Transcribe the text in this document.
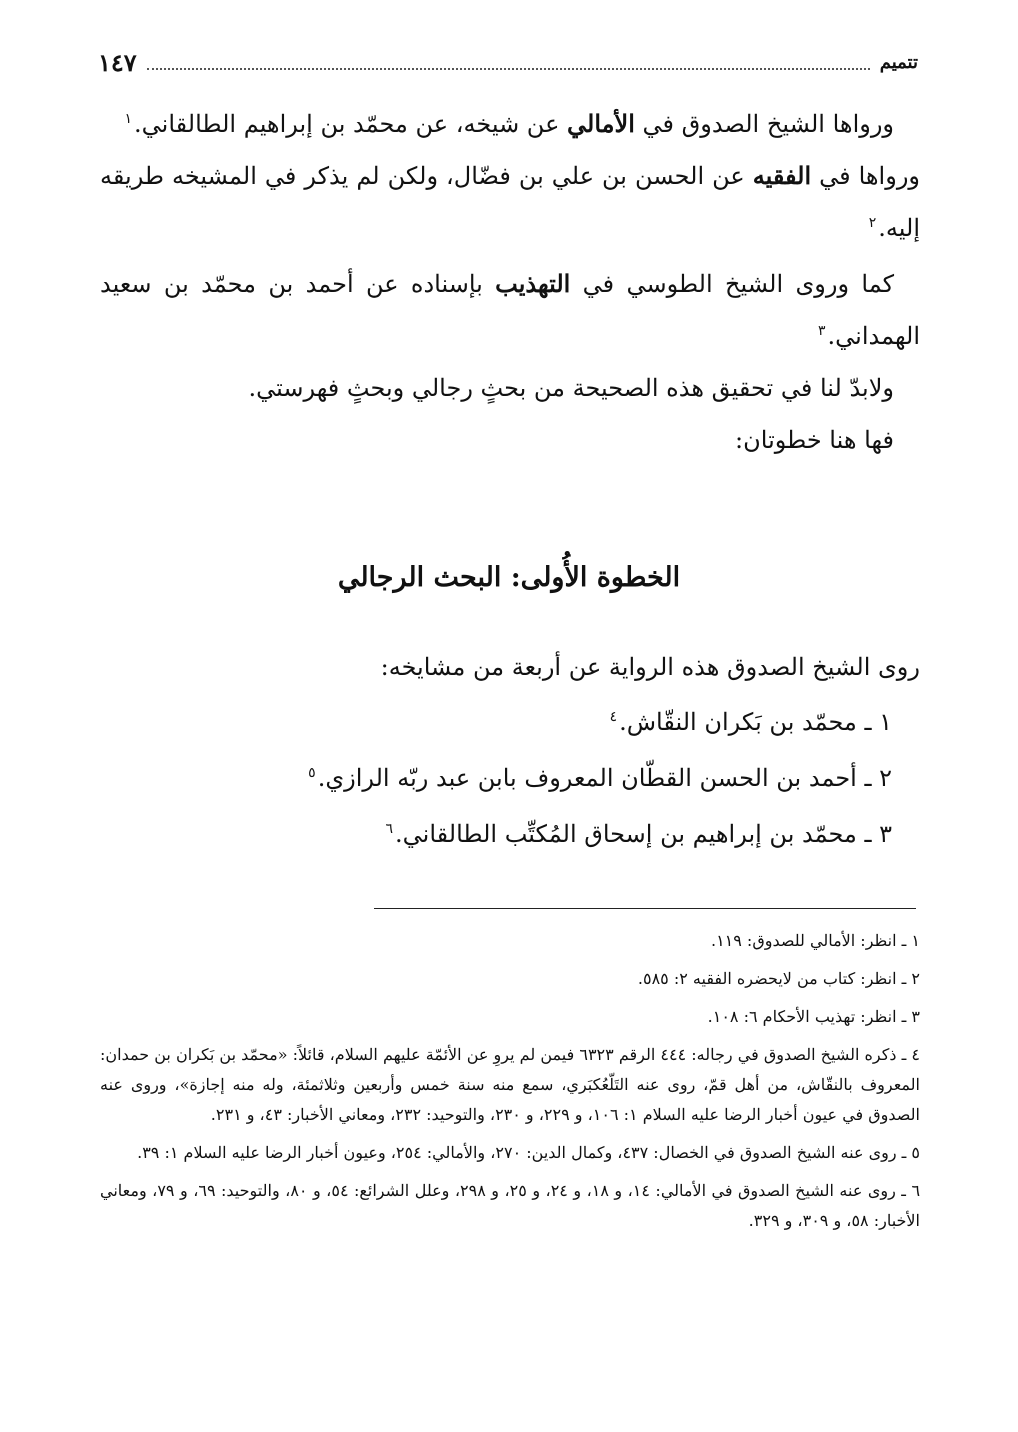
تتميم
١٤٧

ورواها الشيخ الصدوق في الأمالي عن شيخه، عن محمّد بن إبراهيم الطالقاني.$^١$

ورواها في الفقيه عن الحسن بن علي بن فضّال، ولكن لم يذكر في المشيخه طريقه إليه.$^٢$

كما وروى الشيخ الطوسي في التهذيب بإسناده عن أحمد بن محمّد بن سعيد الهمداني.$^٣$

ولابدّ لنا في تحقيق هذه الصحيحة من بحثٍ رجالي وبحثٍ فهرستي.

فها هنا خطوتان:

الخطوة الأُولى: البحث الرجالي

روى الشيخ الصدوق هذه الرواية عن أربعة من مشايخه:

١ ـ محمّد بن بَكران النقّاش.$^٤$

٢ ـ أحمد بن الحسن القطّان المعروف بابن عبد ربّه الرازي.$^٥$

٣ ـ محمّد بن إبراهيم بن إسحاق المُكتِّب الطالقاني.$^٦$

١ ـ انظر: الأمالي للصدوق: ١١٩.

٢ ـ انظر: كتاب من لايحضره الفقيه ٢: ٥٨٥.

٣ ـ انظر: تهذيب الأحكام ٦: ١٠٨.

٤ ـ ذكره الشيخ الصدوق في رجاله: ٤٤٤ الرقم ٦٣٢٣ فيمن لم يروِ عن الأئمّة عليهم السلام، قائلاً: «محمّد بن بَكران بن حمدان: المعروف بالنقّاش، من أهل قمّ، روى عنه التَلّعُكبَري، سمع منه سنة خمس وأربعين وثلاثمئة، وله منه إجازة»، وروى عنه الصدوق في عيون أخبار الرضا عليه السلام ١: ١٠٦، و ٢٢٩، و ٢٣٠، والتوحيد: ٢٣٢، ومعاني الأخبار: ٤٣، و ٢٣١.

٥ ـ روى عنه الشيخ الصدوق في الخصال: ٤٣٧، وكمال الدين: ٢٧٠، والأمالي: ٢٥٤، وعيون أخبار الرضا عليه السلام ١: ٣٩.

٦ ـ روى عنه الشيخ الصدوق في الأمالي: ١٤، و ١٨، و ٢٤، و ٢٥، و ٢٩٨، وعلل الشرائع: ٥٤، و ٨٠، والتوحيد: ٦٩، و ٧٩، ومعاني الأخبار: ٥٨، و ٣٠٩، و ٣٢٩.
